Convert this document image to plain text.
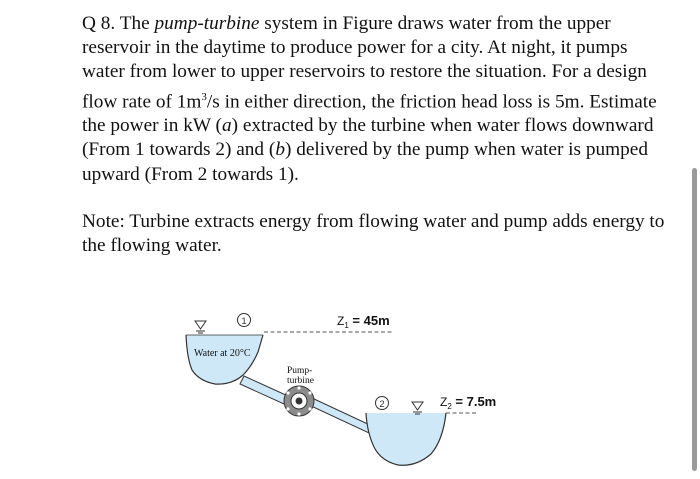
Q 8. The pump-turbine system in Figure draws water from the upper reservoir in the daytime to produce power for a city. At night, it pumps water from lower to upper reservoirs to restore the situation. For a design flow rate of $1m^3/s$ in either direction, the friction head loss is 5m. Estimate the power in kW (a) extracted by the turbine when water flows downward (From 1 towards 2) and (b) delivered by the pump when water is pumped upward (From 2 towards 1).

Note: Turbine extracts energy from flowing water and pump adds energy to the flowing water.

1
2
Z1 = 45m
Z2 = 7.5m
Water at 20°C
Pump-
turbine
